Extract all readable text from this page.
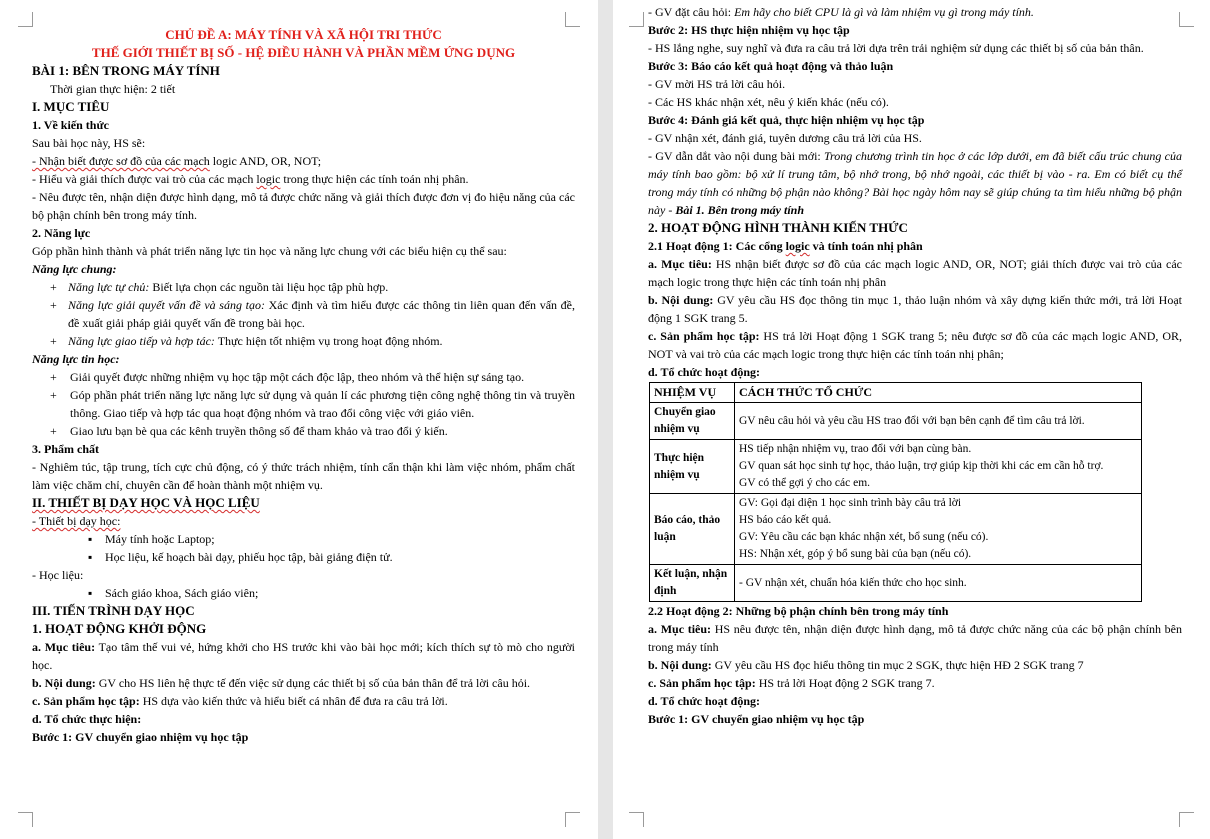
CHỦ ĐỀ A: MÁY TÍNH VÀ XÃ HỘI TRI THỨC
THẾ GIỚI THIẾT BỊ SỐ - HỆ ĐIỀU HÀNH VÀ PHẦN MỀM ỨNG DỤNG
BÀI 1: BÊN TRONG MÁY TÍNH
Thời gian thực hiện: 2 tiết
I. MỤC TIÊU
1. Về kiến thức
Sau bài học này, HS sẽ:
- Nhận biết được sơ đồ của các mạch logic AND, OR, NOT;
- Hiểu và giải thích được vai trò của các mạch logic trong thực hiện các tính toán nhị phân.
- Nêu được tên, nhận diện được hình dạng, mô tả được chức năng và giải thích được đơn vị đo hiệu năng của các bộ phận chính bên trong máy tính.
2. Năng lực
Góp phần hình thành và phát triển năng lực tin học và năng lực chung với các biểu hiện cụ thể sau:
Năng lực chung:
+ Năng lực tự chủ: Biết lựa chọn các nguồn tài liệu học tập phù hợp.
+ Năng lực giải quyết vấn đề và sáng tạo: Xác định và tìm hiểu được các thông tin liên quan đến vấn đề, đề xuất giải pháp giải quyết vấn đề trong bài học.
+ Năng lực giao tiếp và hợp tác: Thực hiện tốt nhiệm vụ trong hoạt động nhóm.
Năng lực tin học:
+ Giải quyết được những nhiệm vụ học tập một cách độc lập, theo nhóm và thể hiện sự sáng tạo.
+ Góp phần phát triển năng lực năng lực sử dụng và quản lí các phương tiện công nghệ thông tin và truyền thông. Giao tiếp và hợp tác qua hoạt động nhóm và trao đổi công việc với giáo viên.
+ Giao lưu bạn bè qua các kênh truyền thông số để tham khảo và trao đổi ý kiến.
3. Phẩm chất
- Nghiêm túc, tập trung, tích cực chủ động, có ý thức trách nhiệm, tính cẩn thận khi làm việc nhóm, phẩm chất làm việc chăm chỉ, chuyên cần để hoàn thành một nhiệm vụ.
II. THIẾT BỊ DẠY HỌC VÀ HỌC LIỆU
- Thiết bị dạy học:
▪ Máy tính hoặc Laptop;
▪ Học liệu, kế hoạch bài dạy, phiếu học tập, bài giảng điện tử.
- Học liệu:
▪ Sách giáo khoa, Sách giáo viên;
III. TIẾN TRÌNH DẠY HỌC
1. HOẠT ĐỘNG KHỞI ĐỘNG
a. Mục tiêu: Tạo tâm thế vui vẻ, hứng khởi cho HS trước khi vào bài học mới; kích thích sự tò mò cho người học.
b. Nội dung: GV cho HS liên hệ thực tế đến việc sử dụng các thiết bị số của bản thân để trả lời câu hỏi.
c. Sản phẩm học tập: HS dựa vào kiến thức và hiểu biết cá nhân để đưa ra câu trả lời.
d. Tổ chức thực hiện:
Bước 1: GV chuyển giao nhiệm vụ học tập
- GV đặt câu hỏi: Em hãy cho biết CPU là gì và làm nhiệm vụ gì trong máy tính.
Bước 2: HS thực hiện nhiệm vụ học tập
- HS lắng nghe, suy nghĩ và đưa ra câu trả lời dựa trên trải nghiệm sử dụng các thiết bị số của bản thân.
Bước 3: Báo cáo kết quả hoạt động và thảo luận
- GV mời HS trả lời câu hỏi.
- Các HS khác nhận xét, nêu ý kiến khác (nếu có).
Bước 4: Đánh giá kết quả, thực hiện nhiệm vụ học tập
- GV nhận xét, đánh giá, tuyên dương câu trả lời của HS.
- GV dẫn dắt vào nội dung bài mới: Trong chương trình tin học ở các lớp dưới, em đã biết cấu trúc chung của máy tính bao gồm: bộ xử lí trung tâm, bộ nhớ trong, bộ nhớ ngoài, các thiết bị vào - ra. Em có biết cụ thể trong máy tính có những bộ phận nào không? Bài học ngày hôm nay sẽ giúp chúng ta tìm hiểu những bộ phận này - Bài 1. Bên trong máy tính
2. HOẠT ĐỘNG HÌNH THÀNH KIẾN THỨC
2.1 Hoạt động 1: Các cổng logic và tính toán nhị phân
a. Mục tiêu: HS nhận biết được sơ đồ của các mạch logic AND, OR, NOT; giải thích được vai trò của các mạch logic trong thực hiện các tính toán nhị phân
b. Nội dung: GV yêu cầu HS đọc thông tin mục 1, thảo luận nhóm và xây dựng kiến thức mới, trả lời Hoạt động 1 SGK trang 5.
c. Sản phẩm học tập: HS trả lời Hoạt động 1 SGK trang 5; nêu được sơ đồ của các mạch logic AND, OR, NOT và vai trò của các mạch logic trong thực hiện các tính toán nhị phân;
d. Tổ chức hoạt động:
NHIỆM VỤ	CÁCH THỨC TỔ CHỨC
Chuyển giao nhiệm vụ	GV nêu câu hỏi và yêu cầu HS trao đổi với bạn bên cạnh để tìm câu trả lời.

Thực hiện nhiệm vụ	HS tiếp nhận nhiệm vụ, trao đổi với bạn cùng bàn.
GV quan sát học sinh tự học, thảo luận, trợ giúp kịp thời khi các em cần hỗ trợ.
GV có thể gợi ý cho các em.

Báo cáo, thảo luận	GV: Gọi đại diện 1 học sinh trình bày câu trả lời
HS báo cáo kết quả.
GV: Yêu cầu các bạn khác nhận xét, bổ sung (nếu có).
HS: Nhận xét, góp ý bổ sung bài của bạn (nếu có).

Kết luận, nhận định	- GV nhận xét, chuẩn hóa kiến thức cho học sinh.
2.2 Hoạt động 2: Những bộ phận chính bên trong máy tính
a. Mục tiêu: HS nêu được tên, nhận diện được hình dạng, mô tả được chức năng của các bộ phận chính bên trong máy tính
b. Nội dung: GV yêu cầu HS đọc hiểu thông tin mục 2 SGK, thực hiện HĐ 2 SGK trang 7
c. Sản phẩm học tập: HS trả lời Hoạt động 2 SGK trang 7.
d. Tổ chức hoạt động:
Bước 1: GV chuyển giao nhiệm vụ học tập
